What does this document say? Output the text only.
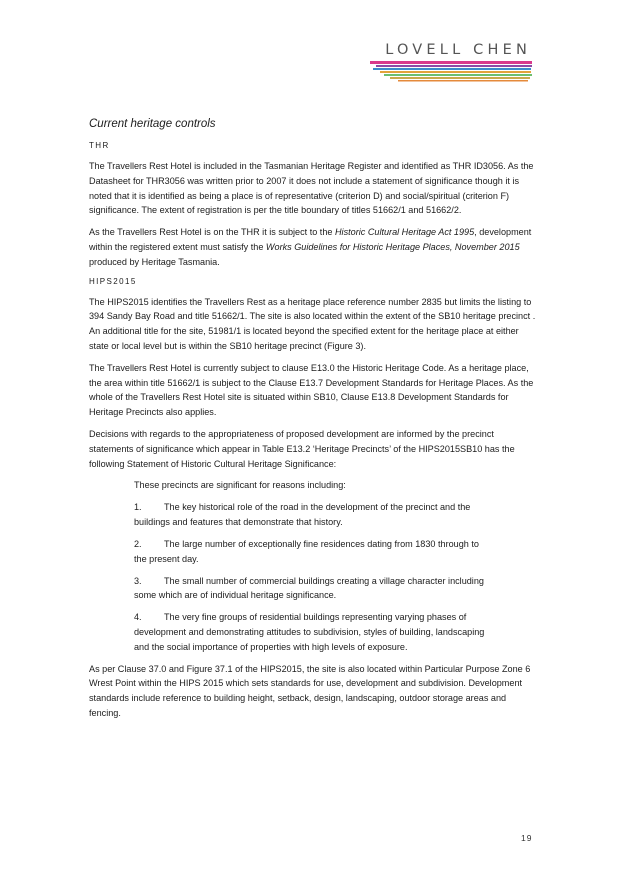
LOVELL CHEN
Current heritage controls
THR

The Travellers Rest Hotel is included in the Tasmanian Heritage Register and identified as THR ID3056. As the Datasheet for THR3056 was written prior to 2007 it does not include a statement of significance though it is noted that it is identified as being a place is of representative (criterion D) and social/spiritual (criterion F) significance. The extent of registration is per the title boundary of titles 51662/1 and 51662/2.

As the Travellers Rest Hotel is on the THR it is subject to the Historic Cultural Heritage Act 1995, development within the registered extent must satisfy the Works Guidelines for Historic Heritage Places, November 2015 produced by Heritage Tasmania.

HIPS2015

The HIPS2015 identifies the Travellers Rest as a heritage place reference number 2835 but limits the listing to 394 Sandy Bay Road and title 51662/1. The site is also located within the extent of the SB10 heritage precinct . An additional title for the site, 51981/1 is located beyond the specified extent for the heritage place at either state or local level but is within the SB10 heritage precinct (Figure 3).

The Travellers Rest Hotel is currently subject to clause E13.0 the Historic Heritage Code. As a heritage place, the area within title 51662/1 is subject to the Clause E13.7 Development Standards for Heritage Places. As the whole of the Travellers Rest Hotel site is situated within SB10, Clause E13.8 Development Standards for Heritage Precincts also applies.

Decisions with regards to the appropriateness of proposed development are informed by the precinct statements of significance which appear in Table E13.2 ‘Heritage Precincts’ of the HIPS2015SB10 has the following Statement of Historic Cultural Heritage Significance:

These precincts are significant for reasons including:

1. The key historical role of the road in the development of the precinct and the buildings and features that demonstrate that history.

2. The large number of exceptionally fine residences dating from 1830 through to the present day.

3. The small number of commercial buildings creating a village character including some which are of individual heritage significance.

4. The very fine groups of residential buildings representing varying phases of development and demonstrating attitudes to subdivision, styles of building, landscaping and the social importance of properties with high levels of exposure.

As per Clause 37.0 and Figure 37.1 of the HIPS2015, the site is also located within Particular Purpose Zone 6 Wrest Point within the HIPS 2015 which sets standards for use, development and subdivision. Development standards include reference to building height, setback, design, landscaping, outdoor storage areas and fencing.

19
